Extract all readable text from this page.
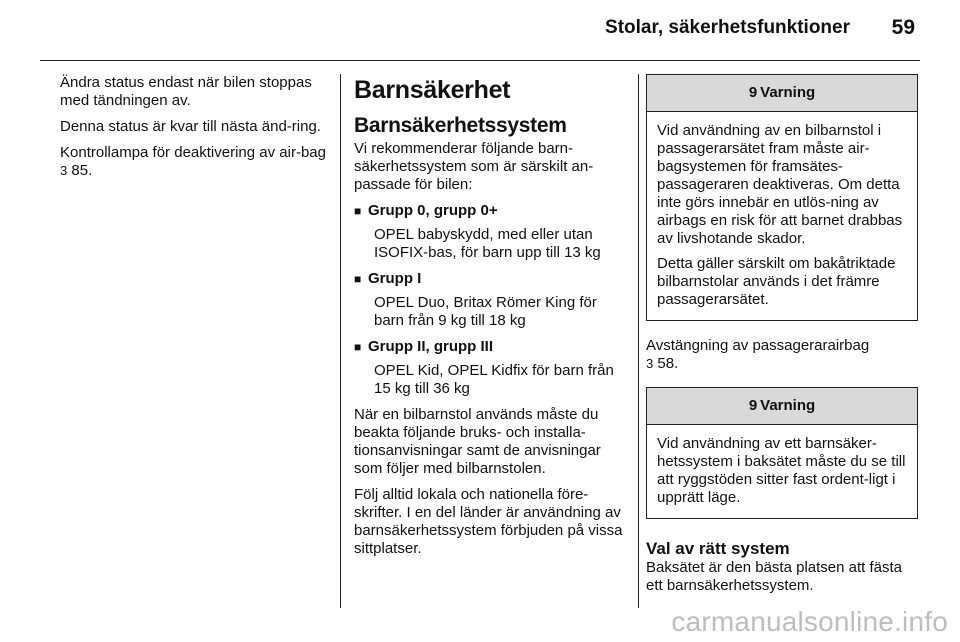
Stolar, säkerhetsfunktioner 59

Ändra status endast när bilen stoppas med tändningen av.

Denna status är kvar till nästa änd-ring.

Kontrollampa för deaktivering av air-bag 3 85.

Barnsäkerhet
Barnsäkerhetssystem

Vi rekommenderar följande barn-säkerhetssystem som är särskilt an-passade för bilen:

■ Grupp 0, grupp 0+
OPEL babyskydd, med eller utan ISOFIX-bas, för barn upp till 13 kg
■ Grupp I
OPEL Duo, Britax Römer King för barn från 9 kg till 18 kg
■ Grupp II, grupp III
OPEL Kid, OPEL Kidfix för barn från 15 kg till 36 kg

När en bilbarnstol används måste du beakta följande bruks- och installa-tionsanvisningar samt de anvisningar som följer med bilbarnstolen.

Följ alltid lokala och nationella före-skrifter. I en del länder är användning av barnsäkerhetssystem förbjuden på vissa sittplatser.

9 Varning

Vid användning av en bilbarnstol i passagerarsätet fram måste air-bagsystemen för framsätes-passageraren deaktiveras. Om detta inte görs innebär en utlös-ning av airbags en risk för att barnet drabbas av livshotande skador.

Detta gäller särskilt om bakåtriktade bilbarnstolar används i det främre passagerarsätet.

Avstängning av passagerarairbag
3 58.

9 Varning

Vid användning av ett barnsäker-hetssystem i baksätet måste du se till att ryggstöden sitter fast ordent-ligt i upprätt läge.

Val av rätt system

Baksätet är den bästa platsen att fästa ett barnsäkerhetssystem.

carmanualsonline.info
